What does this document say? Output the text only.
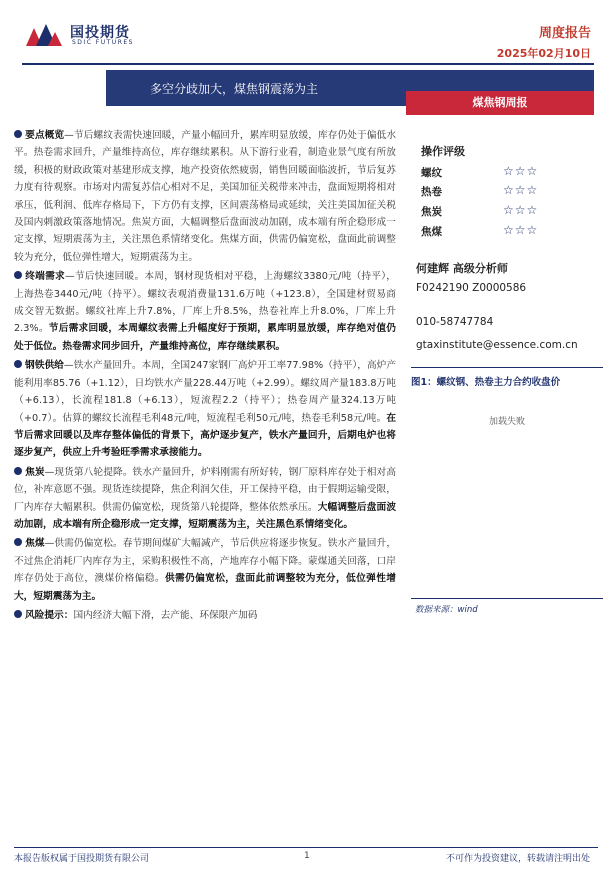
国投期货
SDIC FUTURES
周度报告
2025年02月10日
多空分歧加大，煤焦钢震荡为主
煤焦钢周报

要点概览—节后螺纹表需快速回暖，产量小幅回升，累库明显放缓，库存仍处于偏低水平。热卷需求回升，产量维持高位，库存继续累积。从下游行业看，制造业景气度有所放缓，积极的财政政策对基建形成支撑，地产投资依然疲弱，销售回暖面临波折，节后复苏力度有待观察。市场对内需复苏信心相对不足，美国加征关税带来冲击，盘面短期将相对承压，低利润、低库存格局下，下方仍有支撑，区间震荡格局或延续，关注美国加征关税及国内刺激政策落地情况。焦炭方面，大幅调整后盘面波动加剧，成本端有所企稳形成一定支撑，短期震荡为主，关注黑色系情绪变化。焦煤方面，供需仍偏宽松，盘面此前调整较为充分，低位弹性增大，短期震荡为主。

终端需求—节后快速回暖。本周，钢材现货相对平稳，上海螺纹3380元/吨（持平），上海热卷3440元/吨（持平）。螺纹表观消费量131.6万吨（+123.8），全国建材贸易商成交智无数据。螺纹社库上升7.8%，厂库上升8.5%，热卷社库上升8.0%，厂库上升2.3%。节后需求回暖，本周螺纹表需上升幅度好于预期，累库明显放缓，库存绝对值仍处于低位。热卷需求同步回升，产量维持高位，库存继续累积。

钢铁供给—铁水产量回升。本周，全国247家钢厂高炉开工率77.98%（持平），高炉产能利用率85.76（+1.12），日均铁水产量228.44万吨（+2.99）。螺纹周产量183.8万吨（+6.13），长流程181.8（+6.13），短流程2.2（持平）；热卷周产量324.13万吨（+0.7）。估算的螺纹长流程毛利48元/吨，短流程毛利50元/吨，热卷毛利58元/吨。在节后需求回暖以及库存整体偏低的背景下，高炉逐步复产，铁水产量回升，后期电炉也将逐步复产，供应上升考验旺季需求承接能力。

焦炭—现货第八轮提降。铁水产量回升，炉料刚需有所好转，钢厂原料库存处于相对高位，补库意愿不强。现货连续提降，焦企利润欠佳，开工保持平稳，由于假期运输受限，厂内库存大幅累积。供需仍偏宽松，现货第八轮提降，整体依然承压。大幅调整后盘面波动加剧，成本端有所企稳形成一定支撑，短期震荡为主，关注黑色系情绪变化。

焦煤—供需仍偏宽松。春节期间煤矿大幅减产，节后供应将逐步恢复。铁水产量回升，不过焦企消耗厂内库存为主，采购积极性不高，产地库存小幅下降。蒙煤通关回落，口岸库存仍处于高位，澳煤价格偏稳。供需仍偏宽松，盘面此前调整较为充分，低位弹性增大，短期震荡为主。

风险提示：国内经济大幅下滑，去产能、环保限产加码

操作评级
螺纹	☆☆☆
热卷	☆☆☆
焦炭	☆☆☆
焦煤	☆☆☆
何建辉 高级分析师
F0242190 Z0000586
010-58747784
gtaxinstitute@essence.com.cn
图1：螺纹钢、热卷主力合约收盘价
加载失败
数据来源：wind
本报告版权属于国投期货有限公司	1	不可作为投资建议，转载请注明出处
